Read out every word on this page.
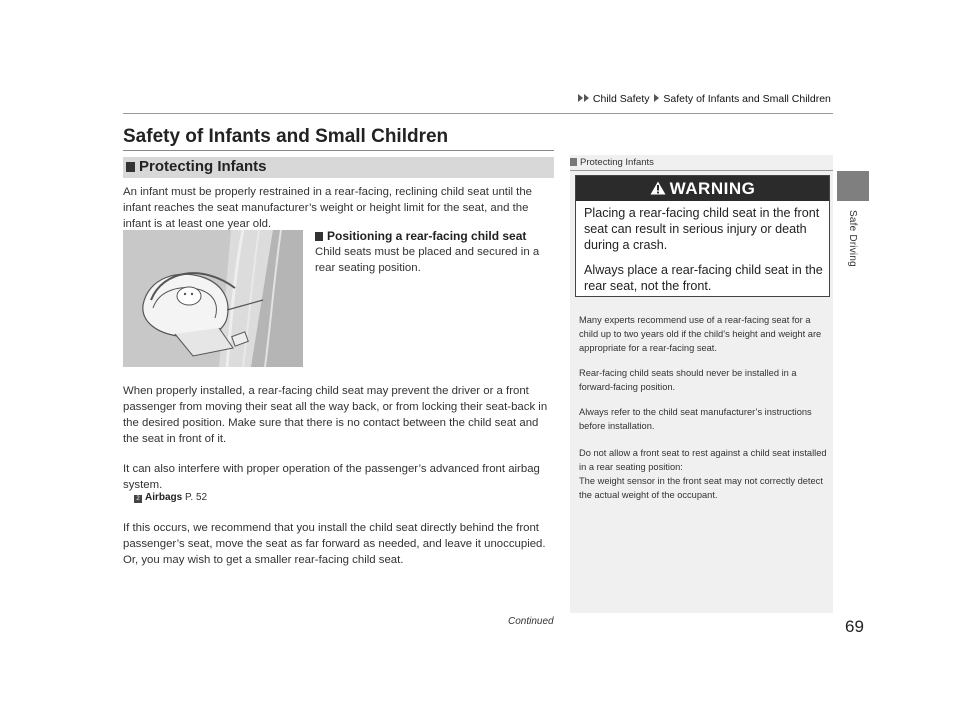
Child Safety Safety of Infants and Small Children
Safe Driving
Safety of Infants and Small Children
Protecting Infants

An infant must be properly restrained in a rear-facing, reclining child seat until the infant reaches the seat manufacturer’s weight or height limit for the seat, and the infant is at least one year old.

Positioning a rear-facing child seat

Child seats must be placed and secured in a rear seating position.

When properly installed, a rear-facing child seat may prevent the driver or a front passenger from moving their seat all the way back, or from locking their seat-back in the desired position. Make sure that there is no contact between the child seat and the seat in front of it.

It can also interfere with proper operation of the passenger’s advanced front airbag system.

2 Airbags P. 52

If this occurs, we recommend that you install the child seat directly behind the front passenger’s seat, move the seat as far forward as needed, and leave it unoccupied. Or, you may wish to get a smaller rear-facing child seat.

Continued	69
Protecting Infants
WARNING

Placing a rear-facing child seat in the front seat can result in serious injury or death during a crash.

Always place a rear-facing child seat in the rear seat, not the front.

Many experts recommend use of a rear-facing seat for a child up to two years old if the child’s height and weight are appropriate for a rear-facing seat.

Rear-facing child seats should never be installed in a forward-facing position.

Always refer to the child seat manufacturer’s instructions before installation.

Do not allow a front seat to rest against a child seat installed in a rear seating position:

The weight sensor in the front seat may not correctly detect the actual weight of the occupant.
